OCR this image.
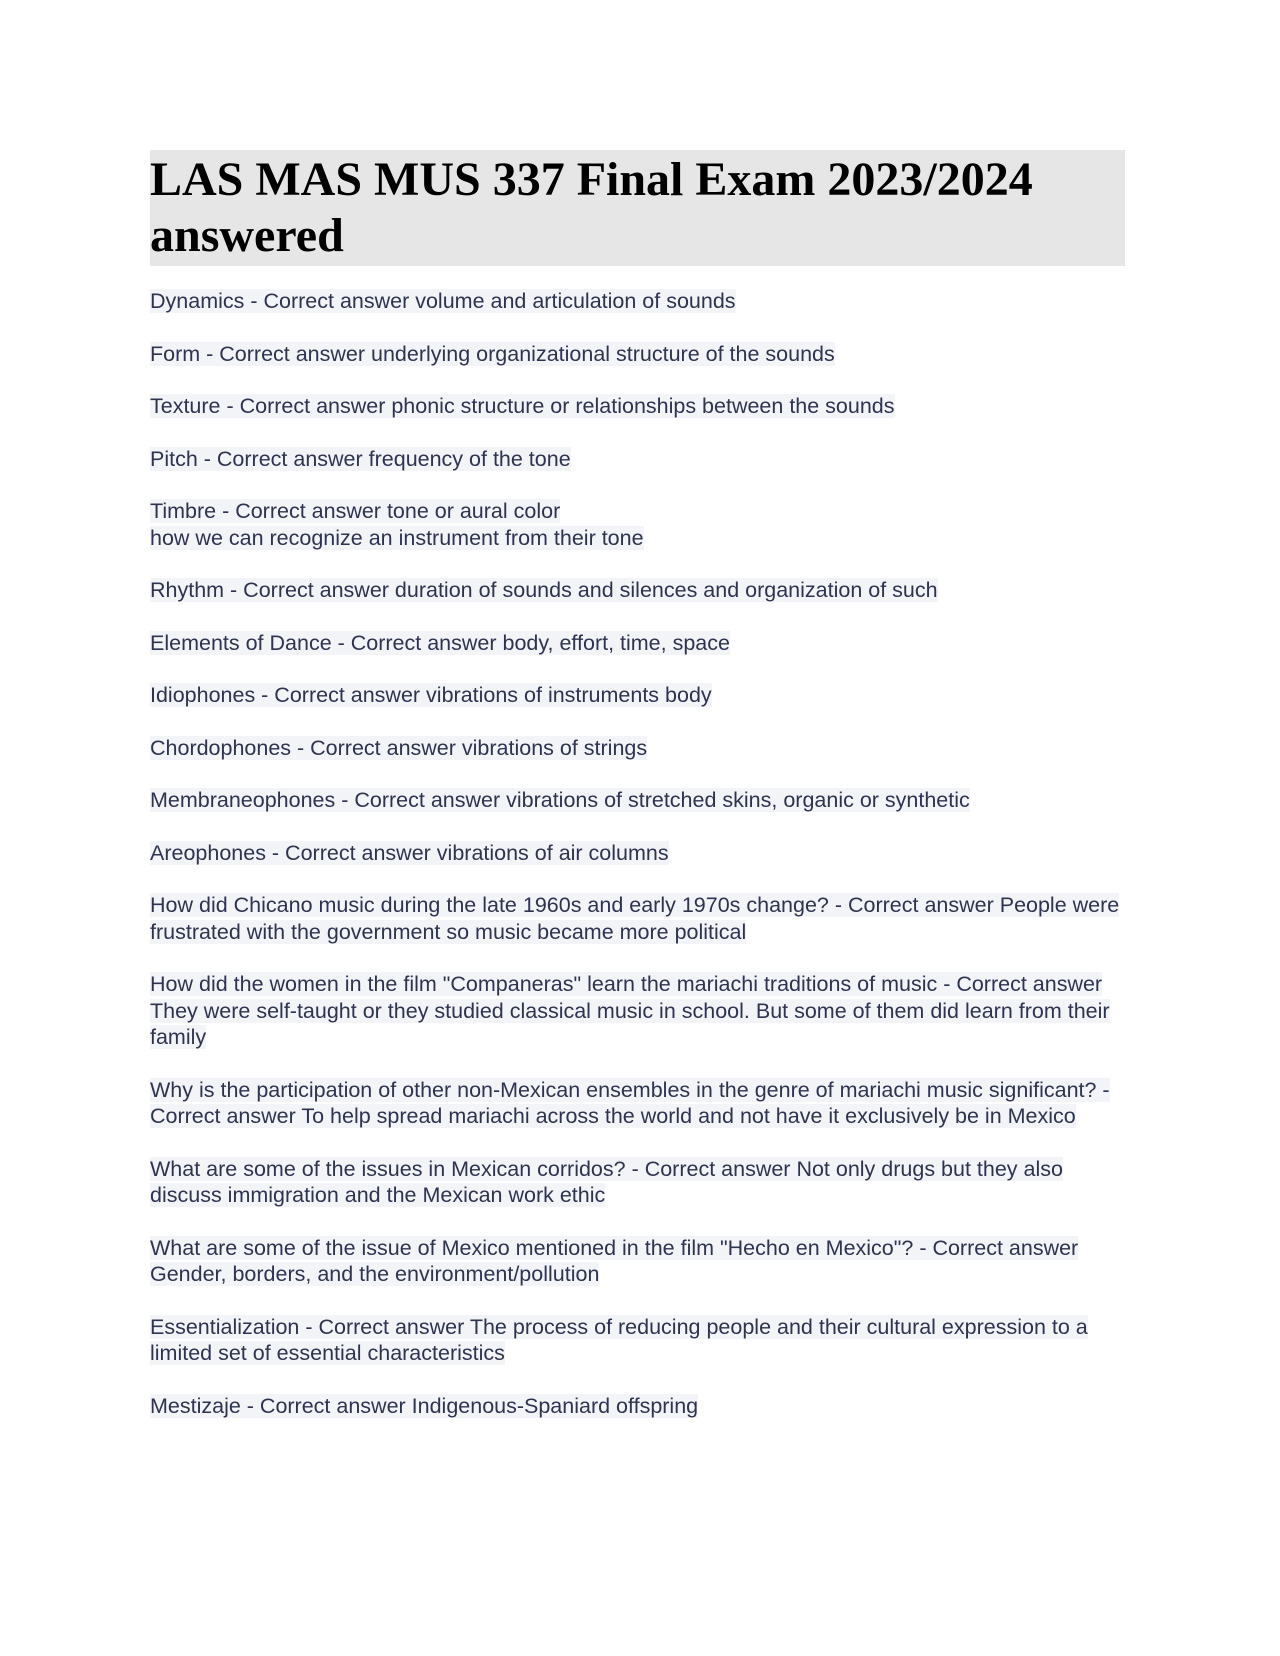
LAS MAS MUS 337 Final Exam 2023/2024 answered
Dynamics - Correct answer volume and articulation of sounds
Form - Correct answer underlying organizational structure of the sounds
Texture - Correct answer phonic structure or relationships between the sounds
Pitch - Correct answer frequency of the tone
Timbre - Correct answer tone or aural color
how we can recognize an instrument from their tone
Rhythm - Correct answer duration of sounds and silences and organization of such
Elements of Dance - Correct answer body, effort, time, space
Idiophones - Correct answer vibrations of instruments body
Chordophones - Correct answer vibrations of strings
Membraneophones - Correct answer vibrations of stretched skins, organic or synthetic
Areophones - Correct answer vibrations of air columns
How did Chicano music during the late 1960s and early 1970s change? - Correct answer People were frustrated with the government so music became more political
How did the women in the film "Companeras" learn the mariachi traditions of music - Correct answer They were self-taught or they studied classical music in school. But some of them did learn from their family
Why is the participation of other non-Mexican ensembles in the genre of mariachi music significant? - Correct answer To help spread mariachi across the world and not have it exclusively be in Mexico
What are some of the issues in Mexican corridos? - Correct answer Not only drugs but they also discuss immigration and the Mexican work ethic
What are some of the issue of Mexico mentioned in the film "Hecho en Mexico"? - Correct answer Gender, borders, and the environment/pollution
Essentialization - Correct answer The process of reducing people and their cultural expression to a limited set of essential characteristics
Mestizaje - Correct answer Indigenous-Spaniard offspring
